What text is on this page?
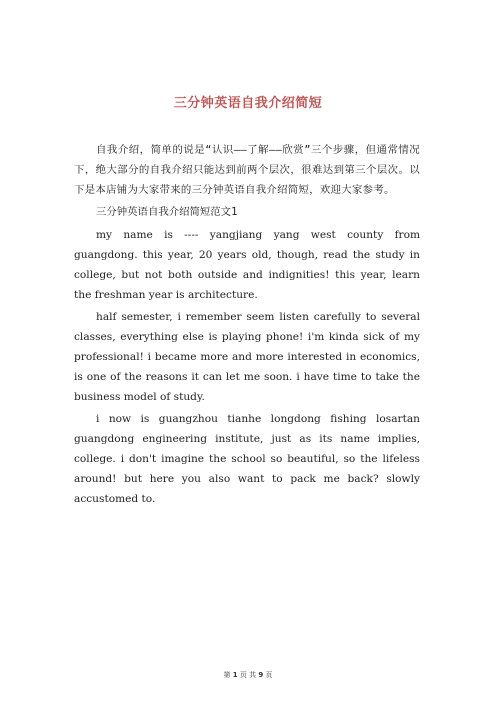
三分钟英语自我介绍简短

自我介绍，简单的说是“认识——了解——欣赏”三个步骤，但通常情况下，绝大部分的自我介绍只能达到前两个层次，很难达到第三个层次。以下是本店铺为大家带来的三分钟英语自我介绍简短，欢迎大家参考。

三分钟英语自我介绍简短范文1

my name is ---- yangjiang yang west county from guangdong. this year, 20 years old, though, read the study in college, but not both outside and indignities! this year, learn the freshman year is architecture.

half semester, i remember seem listen carefully to several classes, everything else is playing phone! i'm kinda sick of my professional! i became more and more interested in economics, is one of the reasons it can let me soon. i have time to take the business model of study.

i now is guangzhou tianhe longdong fishing losartan guangdong engineering institute, just as its name implies, college. i don't imagine the school so beautiful, so the lifeless around! but here you also want to pack me back? slowly accustomed to.

第 1 页 共 9 页
